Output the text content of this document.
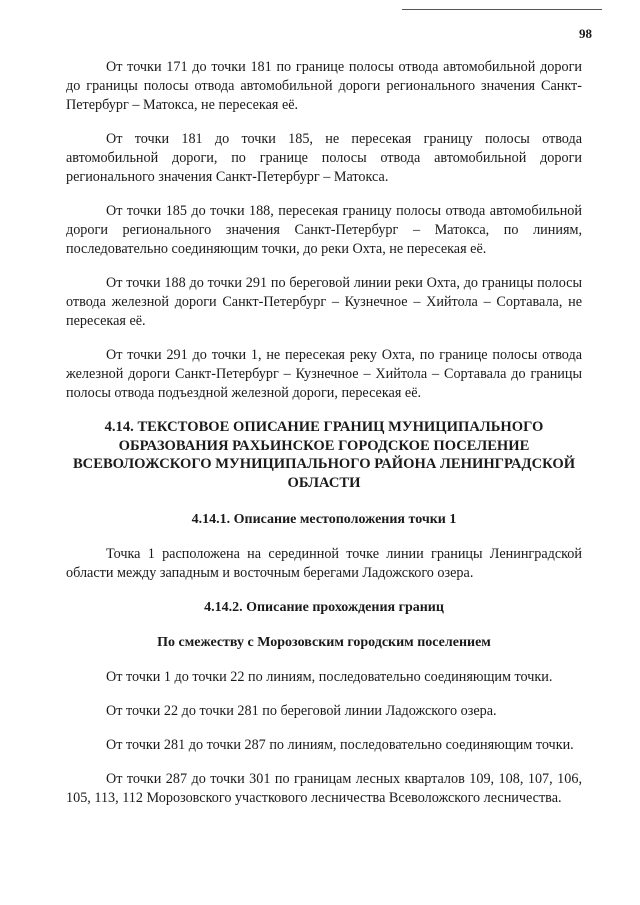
98

От точки 171 до точки 181 по границе полосы отвода автомобильной дороги до границы полосы отвода автомобильной дороги регионального значения Санкт-Петербург – Матокса, не пересекая её.

От точки 181 до точки 185, не пересекая границу полосы отвода автомобильной дороги, по границе полосы отвода автомобильной дороги регионального значения Санкт-Петербург – Матокса.

От точки 185 до точки 188, пересекая границу полосы отвода автомобильной дороги регионального значения Санкт-Петербург – Матокса, по линиям, последовательно соединяющим точки, до реки Охта, не пересекая её.

От точки 188 до точки 291 по береговой линии реки Охта, до границы полосы отвода железной дороги Санкт-Петербург – Кузнечное – Хийтола – Сортавала, не пересекая её.

От точки 291 до точки 1, не пересекая реку Охта, по границе полосы отвода железной дороги Санкт-Петербург – Кузнечное – Хийтола – Сортавала до границы полосы отвода подъездной железной дороги, пересекая её.

4.14. ТЕКСТОВОЕ ОПИСАНИЕ ГРАНИЦ МУНИЦИПАЛЬНОГО ОБРАЗОВАНИЯ РАХЬИНСКОЕ ГОРОДСКОЕ ПОСЕЛЕНИЕ ВСЕВОЛОЖСКОГО МУНИЦИПАЛЬНОГО РАЙОНА ЛЕНИНГРАДСКОЙ ОБЛАСТИ
4.14.1. Описание местоположения точки 1

Точка 1 расположена на серединной точке линии границы Ленинградской области между западным и восточным берегами Ладожского озера.

4.14.2. Описание прохождения границ
По смежеству с Морозовским городским поселением

От точки 1 до точки 22 по линиям, последовательно соединяющим точки.

От точки 22 до точки 281 по береговой линии Ладожского озера.

От точки 281 до точки 287 по линиям, последовательно соединяющим точки.

От точки 287 до точки 301 по границам лесных кварталов 109, 108, 107, 106, 105, 113, 112 Морозовского участкового лесничества Всеволожского лесничества.
